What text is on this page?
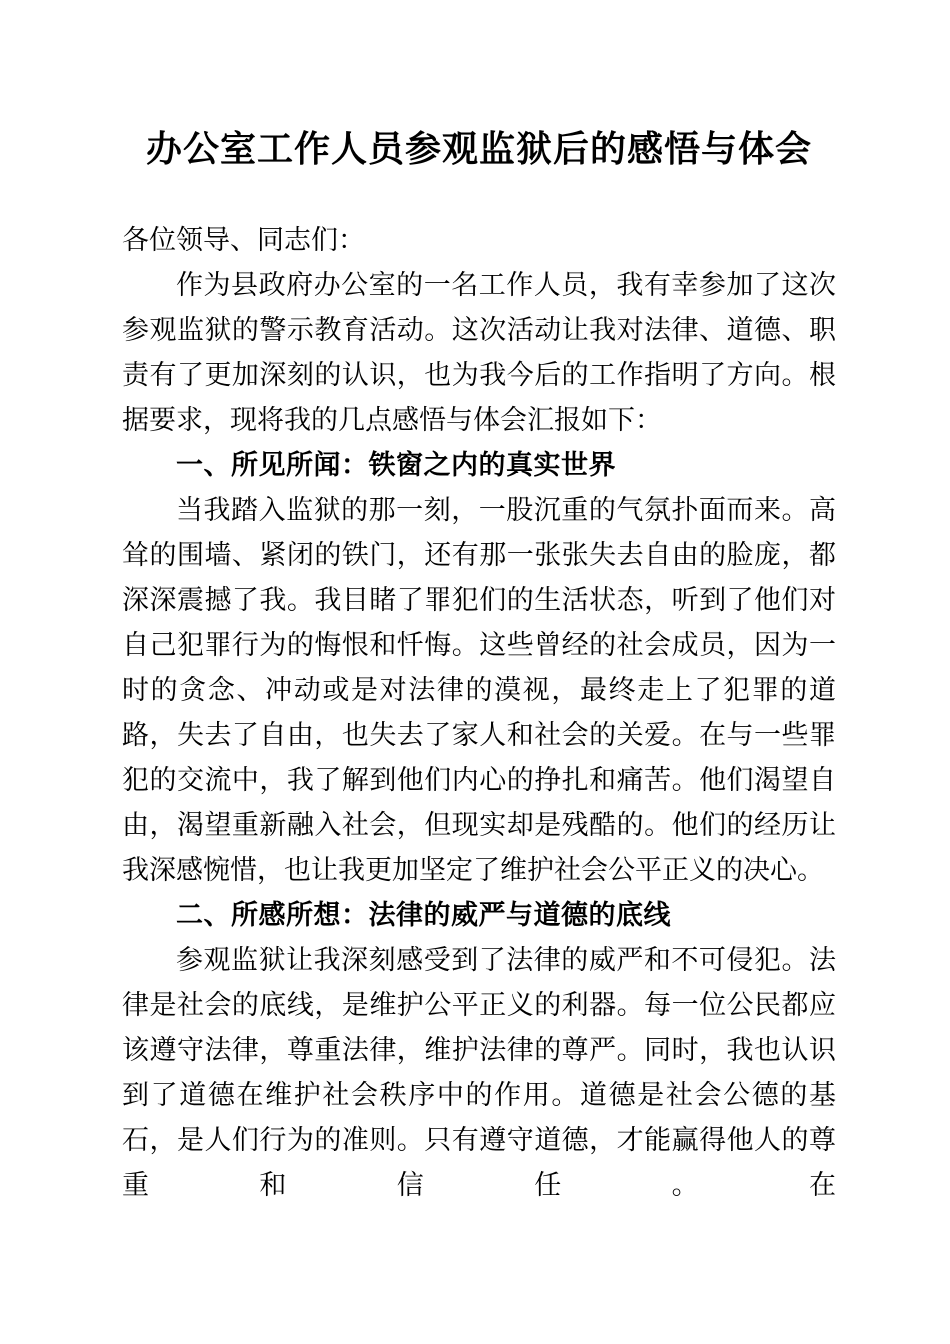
办公室工作人员参观监狱后的感悟与体会

各位领导、同志们：

作为县政府办公室的一名工作人员，我有幸参加了这次参观监狱的警示教育活动。这次活动让我对法律、道德、职责有了更加深刻的认识，也为我今后的工作指明了方向。根据要求，现将我的几点感悟与体会汇报如下：

一、所见所闻：铁窗之内的真实世界

当我踏入监狱的那一刻，一股沉重的气氛扑面而来。高耸的围墙、紧闭的铁门，还有那一张张失去自由的脸庞，都深深震撼了我。我目睹了罪犯们的生活状态，听到了他们对自己犯罪行为的悔恨和忏悔。这些曾经的社会成员，因为一时的贪念、冲动或是对法律的漠视，最终走上了犯罪的道路，失去了自由，也失去了家人和社会的关爱。在与一些罪犯的交流中，我了解到他们内心的挣扎和痛苦。他们渴望自由，渴望重新融入社会，但现实却是残酷的。他们的经历让我深感惋惜，也让我更加坚定了维护社会公平正义的决心。

二、所感所想：法律的威严与道德的底线

参观监狱让我深刻感受到了法律的威严和不可侵犯。法律是社会的底线，是维护公平正义的利器。每一位公民都应该遵守法律，尊重法律，维护法律的尊严。同时，我也认识到了道德在维护社会秩序中的作用。道德是社会公德的基石，是人们行为的准则。只有遵守道德，才能赢得他人的尊重和信任。在
